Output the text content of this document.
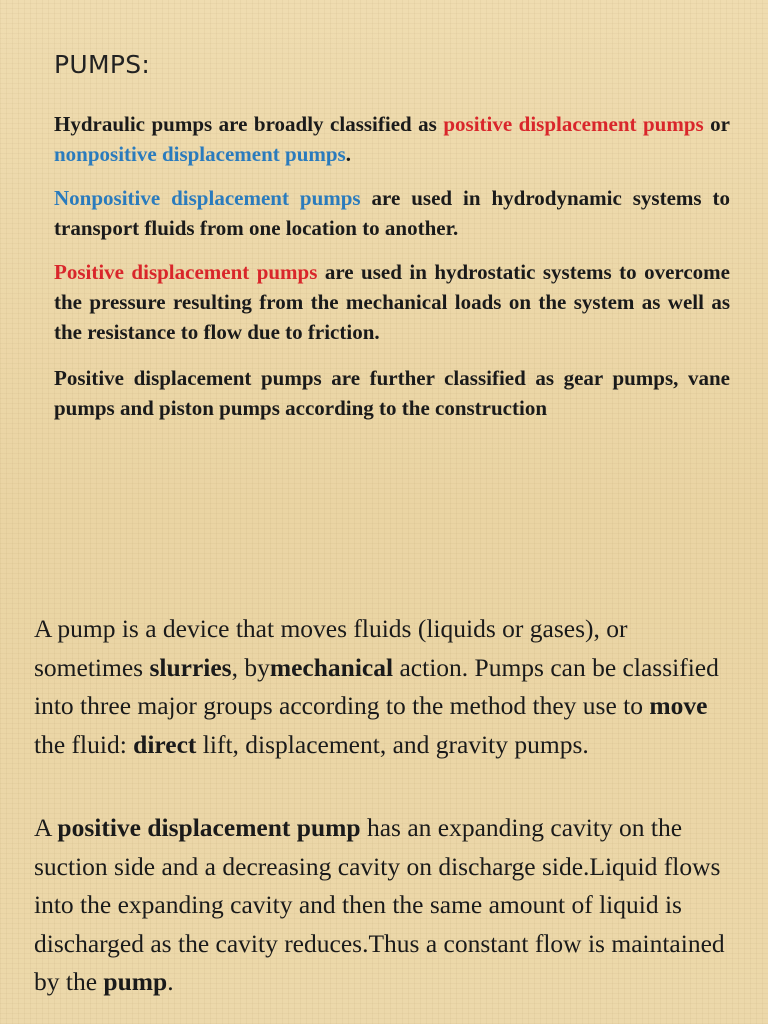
PUMPS:
Hydraulic pumps are broadly classified as positive displacement pumps or nonpositive displacement pumps.
Nonpositive displacement pumps are used in hydrodynamic systems to transport fluids from one location to another.
Positive displacement pumps are used in hydrostatic systems to overcome the pressure resulting from the mechanical loads on the system as well as the resistance to flow due to friction.
Positive displacement pumps are further classified as gear pumps, vane pumps and piston pumps according to the construction
A pump is a device that moves fluids (liquids or gases), or sometimes slurries, bymechanical action. Pumps can be classified into three major groups according to the method they use to move the fluid: direct lift, displacement, and gravity pumps.
A positive displacement pump has an expanding cavity on the suction side and a decreasing cavity on discharge side.Liquid flows into the expanding cavity and then the same amount of liquid is discharged as the cavity reduces.Thus a constant flow is maintained by the pump.
